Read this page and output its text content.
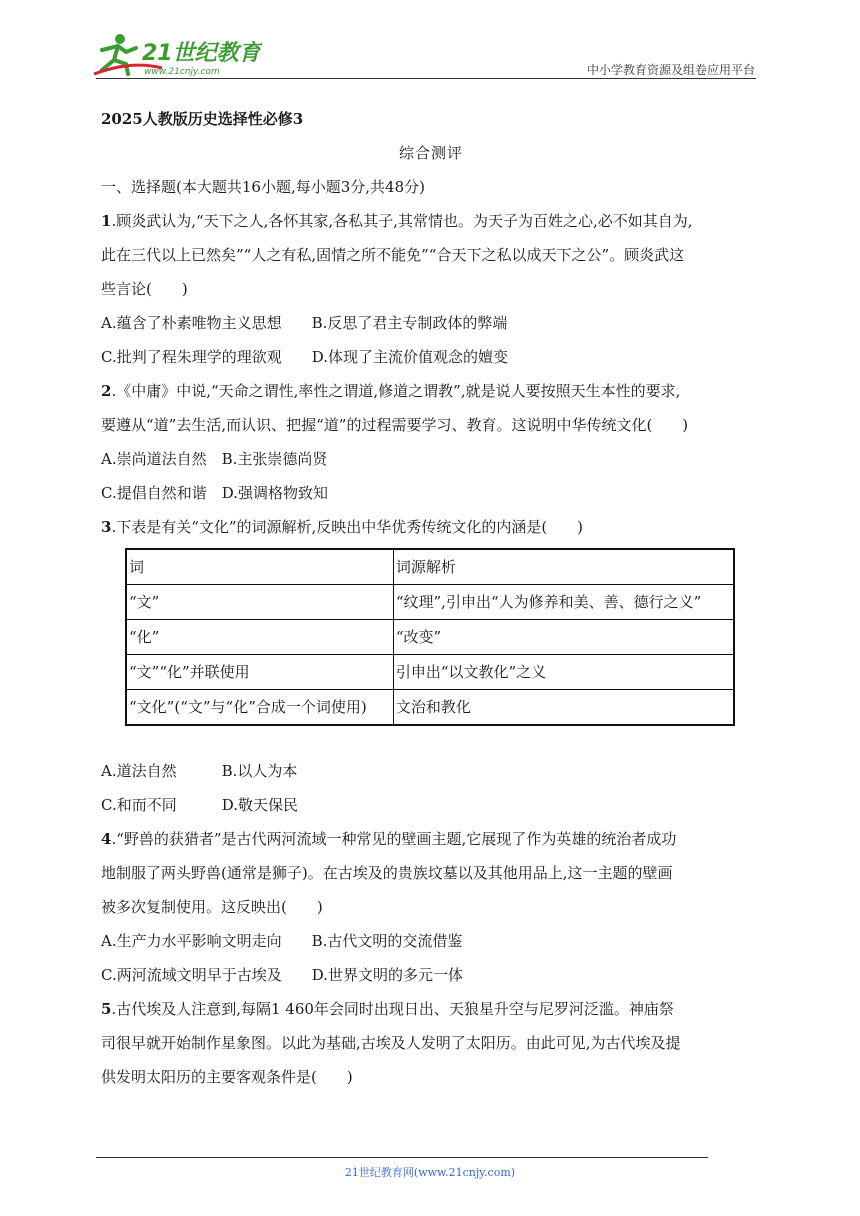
21世纪教育
www.21cnjy.com	中小学教育资源及组卷应用平台
2025人教版历史选择性必修3
综合测评
一、选择题(本大题共16小题,每小题3分,共48分)
1.顾炎武认为,“天下之人,各怀其家,各私其子,其常情也。为天子为百姓之心,必不如其自为,
此在三代以上已然矣”“人之有私,固情之所不能免”“合天下之私以成天下之公”。顾炎武这
些言论(　　)
A.蕴含了朴素唯物主义思想　　B.反思了君主专制政体的弊端
C.批判了程朱理学的理欲观　　D.体现了主流价值观念的嬗变
2.《中庸》中说,“天命之谓性,率性之谓道,修道之谓教”,就是说人要按照天生本性的要求,
要遵从“道”去生活,而认识、把握“道”的过程需要学习、教育。这说明中华传统文化(　　)
A.崇尚道法自然　B.主张崇德尚贤
C.提倡自然和谐　D.强调格物致知
3.下表是有关“文化”的词源解析,反映出中华优秀传统文化的内涵是(　　)
词	词源解析
“文”	“纹理”,引申出“人为修养和美、善、德行之义”
“化”	“改变”
“文”“化”并联使用	引申出“以文教化”之义
“文化”(“文”与“化”合成一个词使用)	文治和教化
A.道法自然　　　B.以人为本
C.和而不同　　　D.敬天保民
4.“野兽的获猎者”是古代两河流域一种常见的壁画主题,它展现了作为英雄的统治者成功
地制服了两头野兽(通常是狮子)。在古埃及的贵族坟墓以及其他用品上,这一主题的壁画
被多次复制使用。这反映出(　　)
A.生产力水平影响文明走向　　B.古代文明的交流借鉴
C.两河流域文明早于古埃及　　D.世界文明的多元一体
5.古代埃及人注意到,每隔1 460年会同时出现日出、天狼星升空与尼罗河泛滥。神庙祭
司很早就开始制作星象图。以此为基础,古埃及人发明了太阳历。由此可见,为古代埃及提
供发明太阳历的主要客观条件是(　　)
21世纪教育网(www.21cnjy.com)
